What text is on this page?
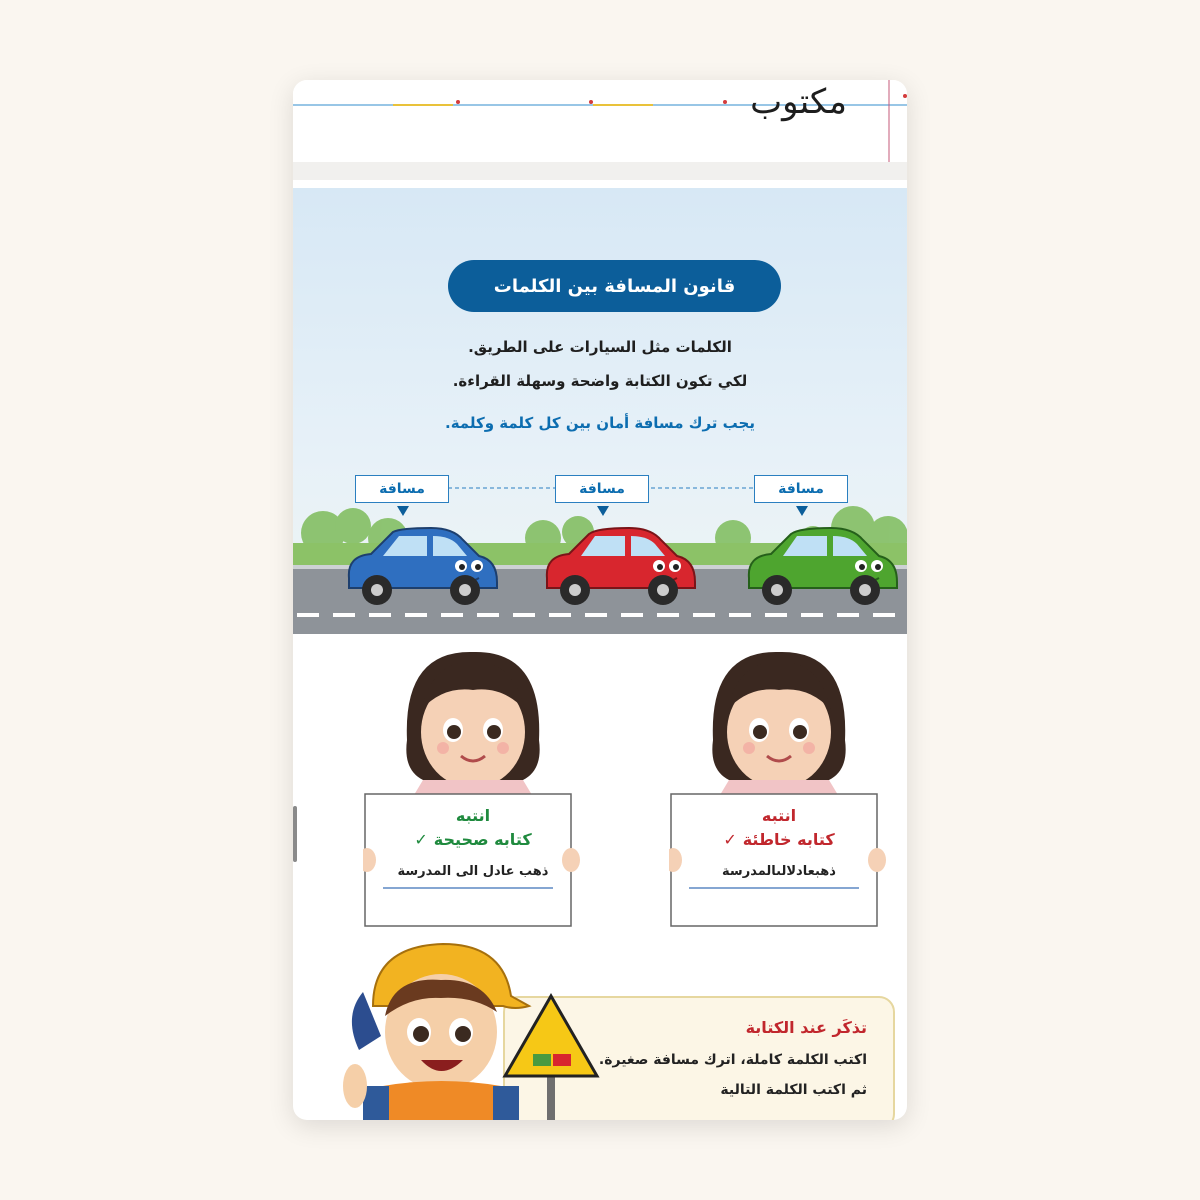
مكتوب
قانون المسافة بين الكلمات
الكلمات مثل السيارات على الطريق.
لكي تكون الكتابة واضحة وسهلة القراءة.
يجب ترك مسافة أمان بين كل كلمة وكلمة.
مسافة	مسافة	مسافة
انتبه
كتابه صحيحة
✓
ذهب عادل الى المدرسة
انتبه
كتابه خاطئة
✓
ذهبعادلالىالمدرسة
تذكَر عند الكتابة
اكتب الكلمة كاملة، اترك مسافة صغيرة.
ثم اكتب الكلمة التالية
